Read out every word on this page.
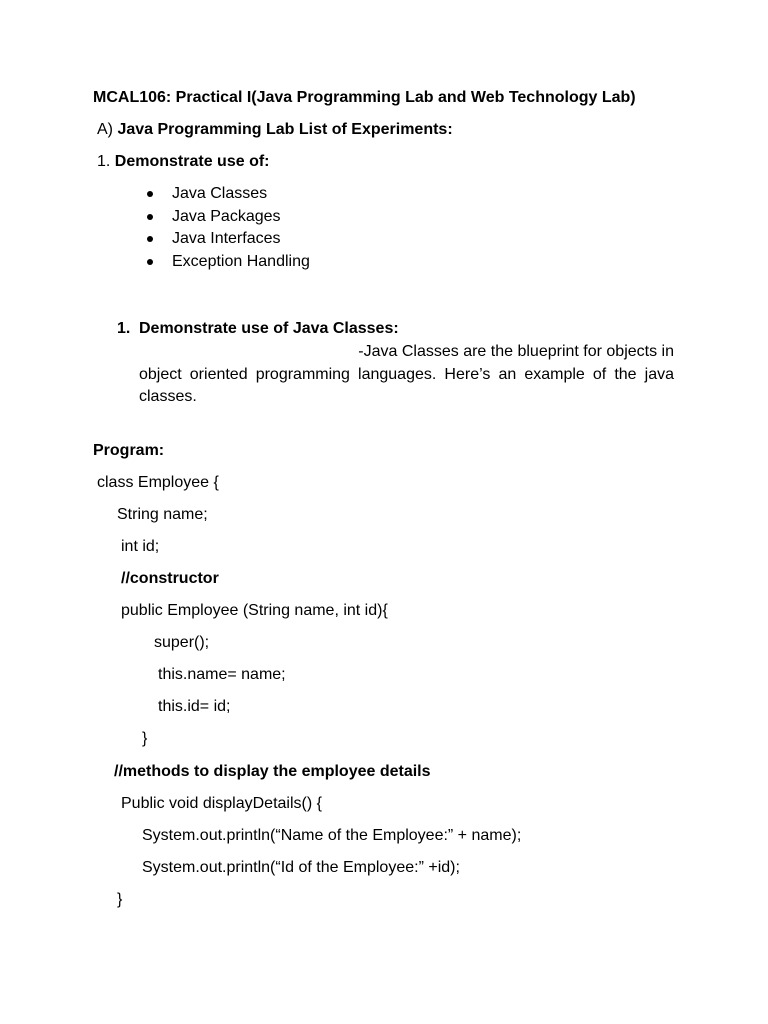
MCAL106: Practical I(Java Programming Lab and Web Technology Lab)
A) Java Programming Lab List of Experiments:
1. Demonstrate use of:
Java Classes
Java Packages
Java Interfaces
Exception Handling
1. Demonstrate use of Java Classes:
-Java Classes are the blueprint for objects in
object oriented programming languages. Here’s an example of the java
classes.
Program:
class Employee {
String name;
int id;
//constructor
public Employee (String name, int id){
super();
this.name= name;
this.id= id;
}
//methods to display the employee details
Public void displayDetails() {
System.out.println(“Name of the Employee:” + name);
System.out.println(“Id of the Employee:” +id);
}
